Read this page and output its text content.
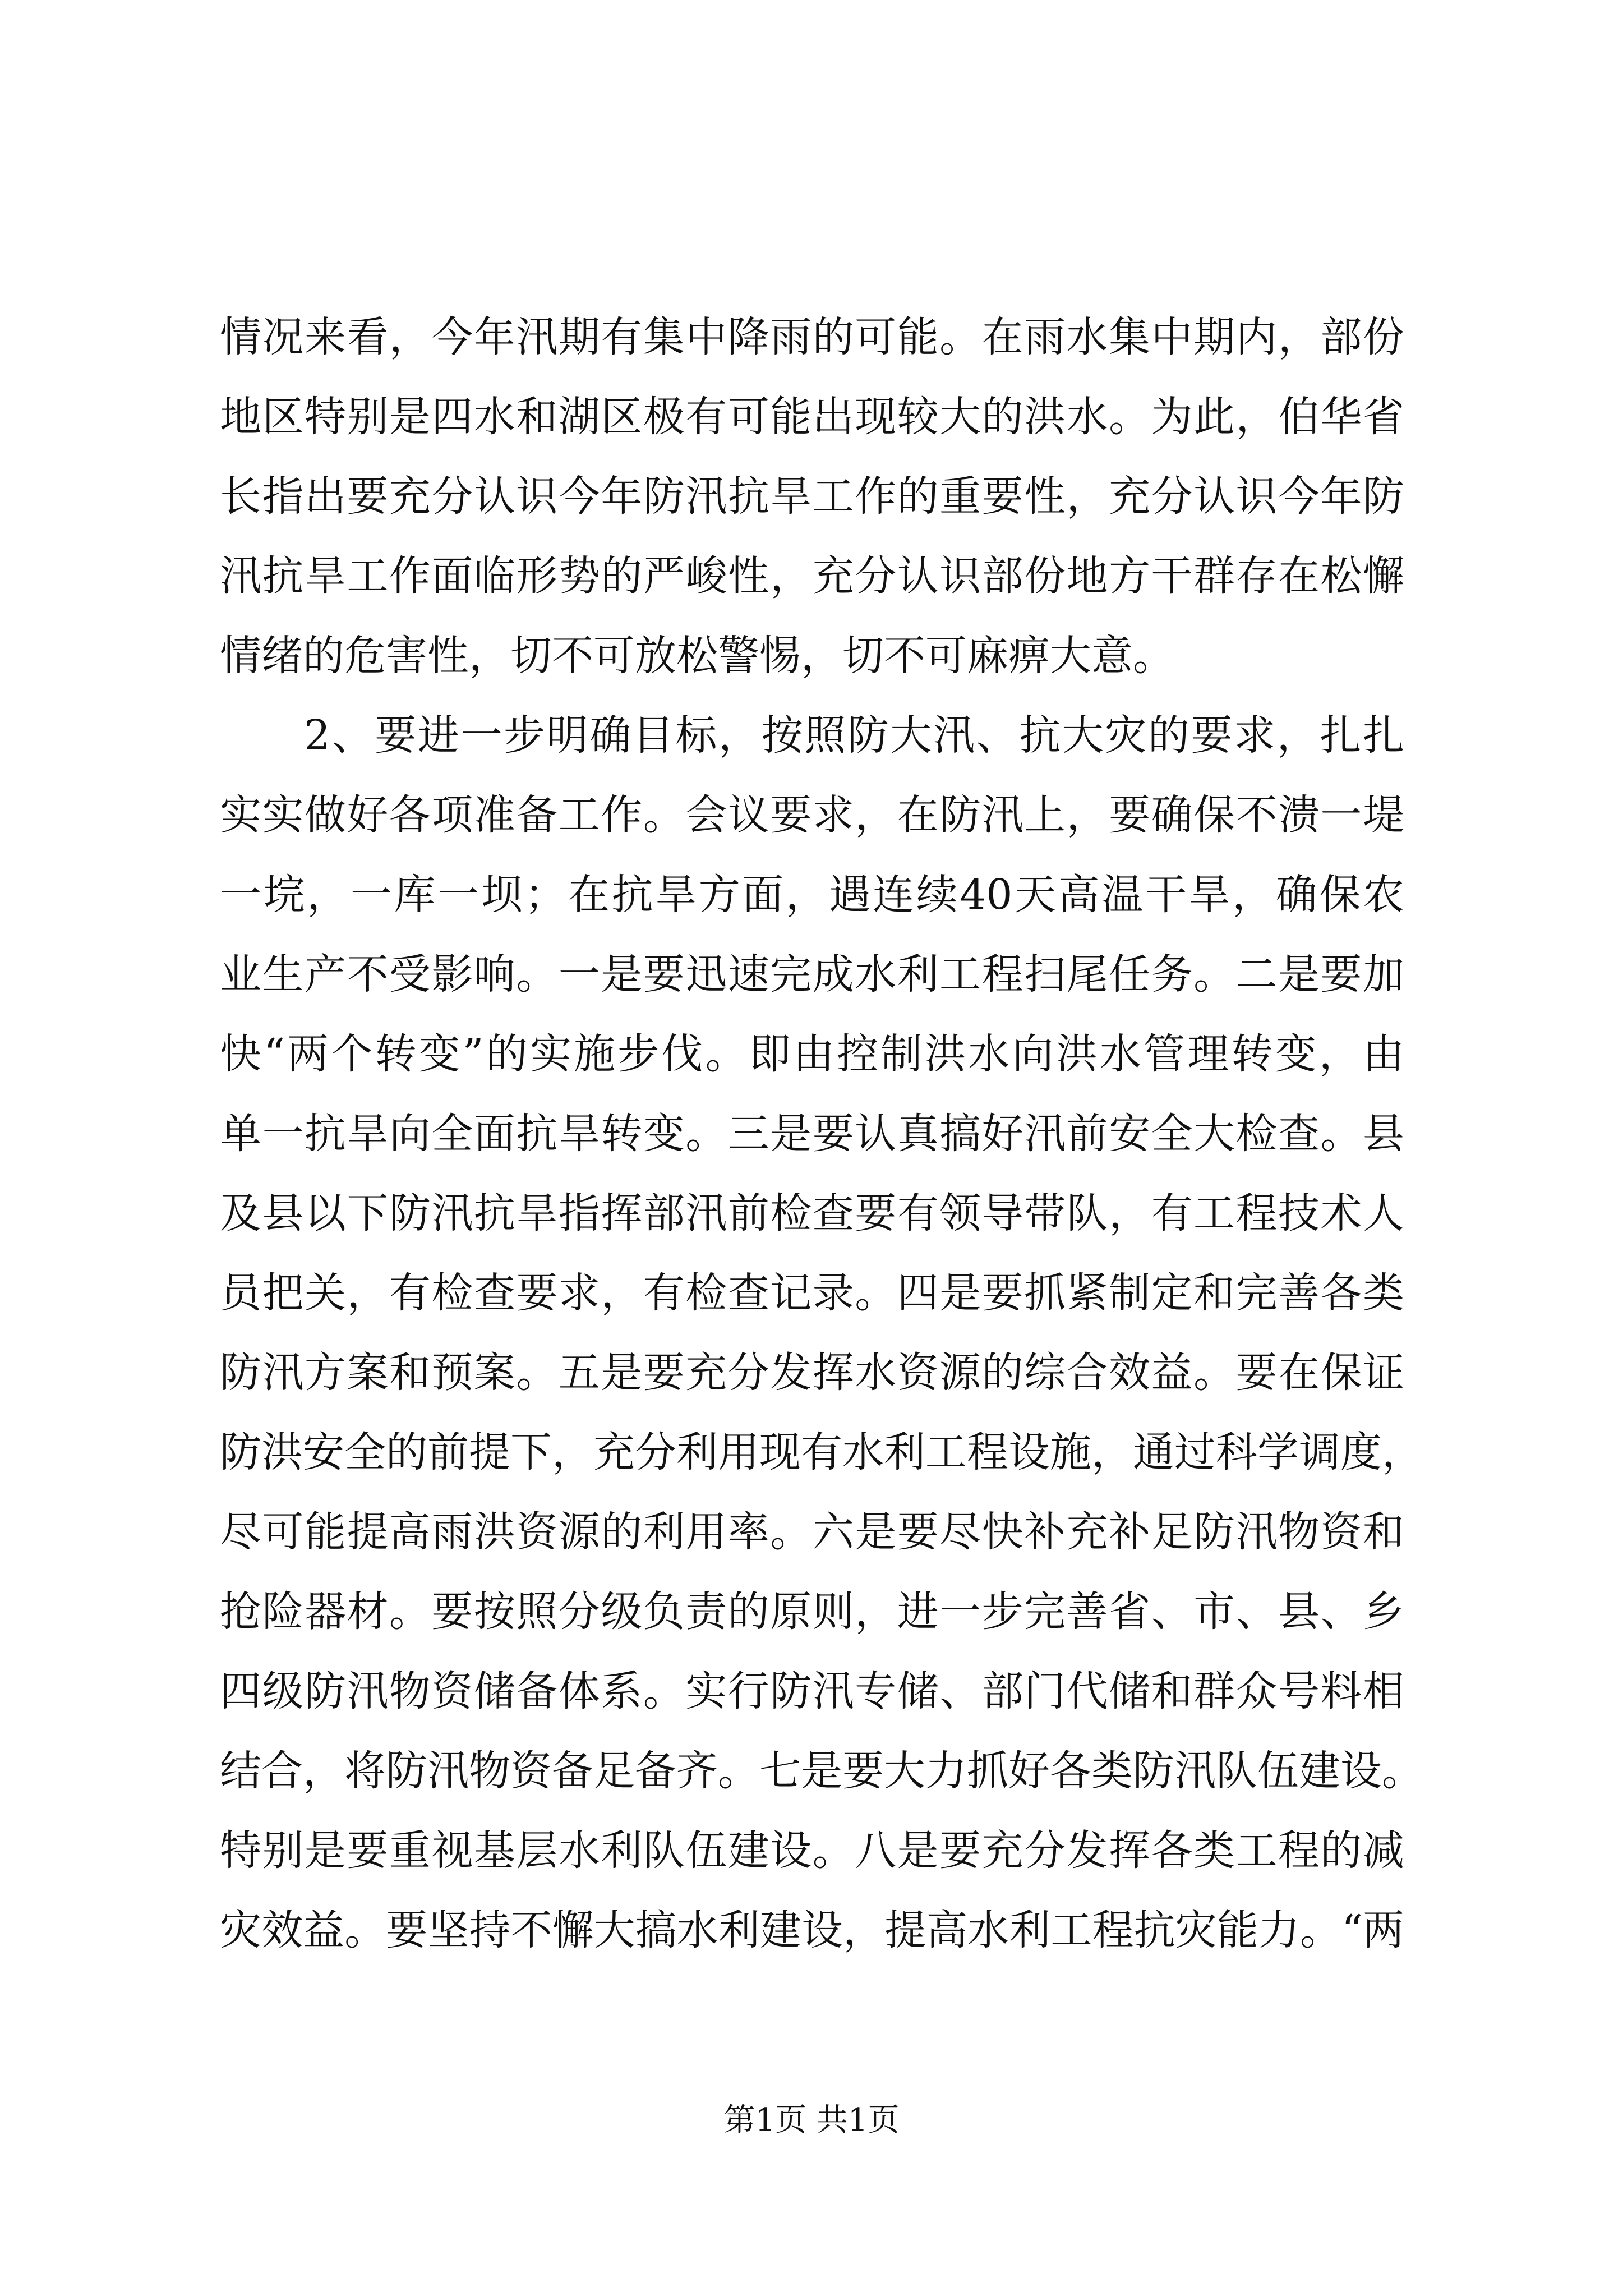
情况来看，今年汛期有集中降雨的可能。在雨水集中期内，部份
地区特别是四水和湖区极有可能出现较大的洪水。为此，伯华省
长指出要充分认识今年防汛抗旱工作的重要性，充分认识今年防
汛抗旱工作面临形势的严峻性，充分认识部份地方干群存在松懈
情绪的危害性，切不可放松警惕，切不可麻痹大意。
2、要进一步明确目标，按照防大汛、抗大灾的要求，扎扎
实实做好各项准备工作。会议要求，在防汛上，要确保不溃一堤
一垸，一库一坝；在抗旱方面，遇连续40天高温干旱，确保农
业生产不受影响。一是要迅速完成水利工程扫尾任务。二是要加
快“两个转变”的实施步伐。即由控制洪水向洪水管理转变，由
单一抗旱向全面抗旱转变。三是要认真搞好汛前安全大检查。县
及县以下防汛抗旱指挥部汛前检查要有领导带队，有工程技术人
员把关，有检查要求，有检查记录。四是要抓紧制定和完善各类
防汛方案和预案。五是要充分发挥水资源的综合效益。要在保证
防洪安全的前提下，充分利用现有水利工程设施，通过科学调度，
尽可能提高雨洪资源的利用率。六是要尽快补充补足防汛物资和
抢险器材。要按照分级负责的原则，进一步完善省、市、县、乡
四级防汛物资储备体系。实行防汛专储、部门代储和群众号料相
结合，将防汛物资备足备齐。七是要大力抓好各类防汛队伍建设。
特别是要重视基层水利队伍建设。八是要充分发挥各类工程的减
灾效益。要坚持不懈大搞水利建设，提高水利工程抗灾能力。“两
第1页 共1页
